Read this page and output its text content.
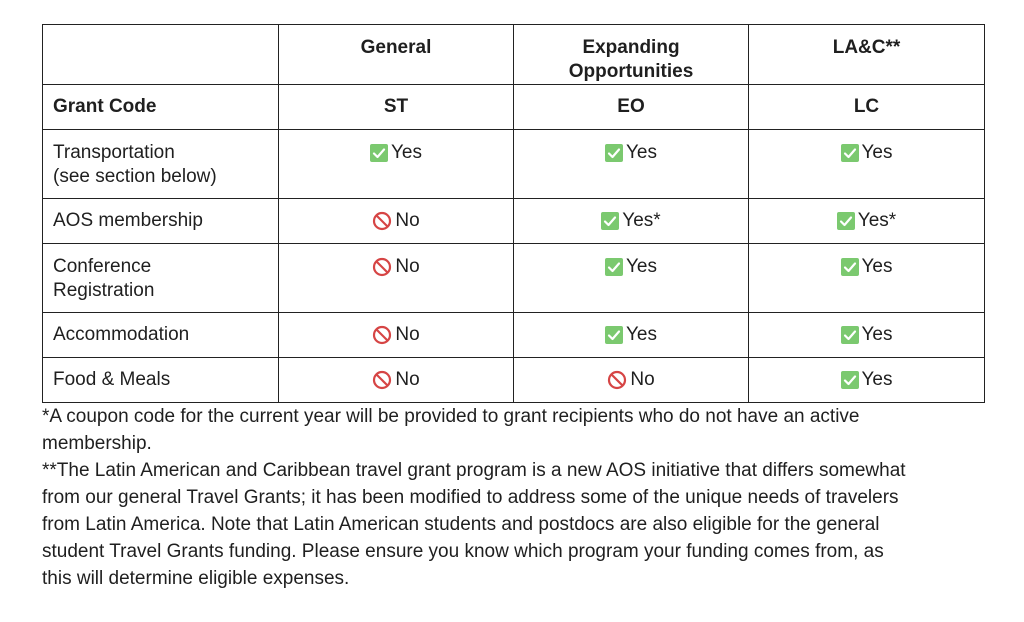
	General	Expanding Opportunities	LA&C**

Grant Code	ST	EO	LC
Transportation
(see section below)	Yes	Yes	Yes

AOS membership	No	Yes*	Yes*

Conference
Registration	No	Yes	Yes

Accommodation	No	Yes	Yes

Food & Meals	No	No	Yes

*A coupon code for the current year will be provided to grant recipients who do not have an active

membership.

**The Latin American and Caribbean travel grant program is a new AOS initiative that differs somewhat

from our general Travel Grants; it has been modified to address some of the unique needs of travelers

from Latin America. Note that Latin American students and postdocs are also eligible for the general

student Travel Grants funding. Please ensure you know which program your funding comes from, as

this will determine eligible expenses.
